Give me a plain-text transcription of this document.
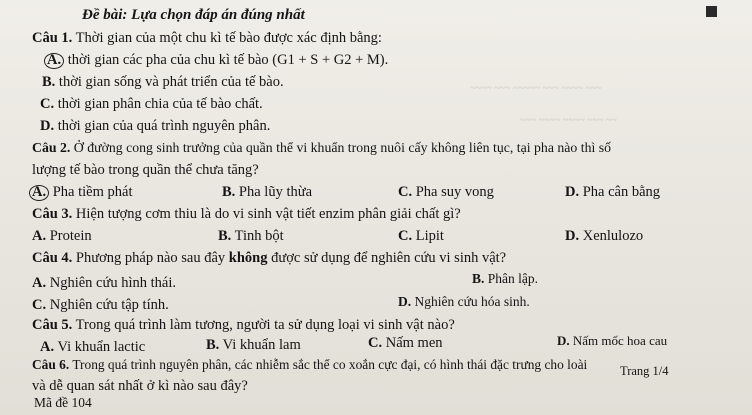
~~~~ ~~~ ~~~~~ ~~~ ~~~~ ~~~
~~~ ~~~~ ~~~~ ~~~ ~~
Đề bài: Lựa chọn đáp án đúng nhất
Câu 1. Thời gian của một chu kì tế bào được xác định bằng:
A. thời gian các pha của chu kì tế bào (G1 + S + G2 + M).
B. thời gian sống và phát triển của tế bào.
C. thời gian phân chia của tế bào chất.
D. thời gian của quá trình nguyên phân.
Câu 2. Ở đường cong sinh trưởng của quần thể vi khuẩn trong nuôi cấy không liên tục, tại pha nào thì số
lượng tế bào trong quần thể chưa tăng?
A. Pha tiềm phát	B. Pha lũy thừa	C. Pha suy vong	D. Pha cân bằng
Câu 3. Hiện tượng cơm thiu là do vi sinh vật tiết enzim phân giải chất gì?
A. Protein	B. Tinh bột	C. Lipit	D. Xenlulozo
Câu 4. Phương pháp nào sau đây không được sử dụng để nghiên cứu vi sinh vật?
B. Phân lập.
A. Nghiên cứu hình thái.
D. Nghiên cứu hóa sinh.
C. Nghiên cứu tập tính.
Câu 5. Trong quá trình làm tương, người ta sử dụng loại vi sinh vật nào?
A. Vi khuẩn lactic	B. Vi khuẩn lam	C. Nấm men	D. Nấm mốc hoa cau
Câu 6. Trong quá trình nguyên phân, các nhiễm sắc thể co xoắn cực đại, có hình thái đặc trưng cho loài
và dễ quan sát nhất ở kì nào sau đây?
Trang 1/4
Mã đề 104
